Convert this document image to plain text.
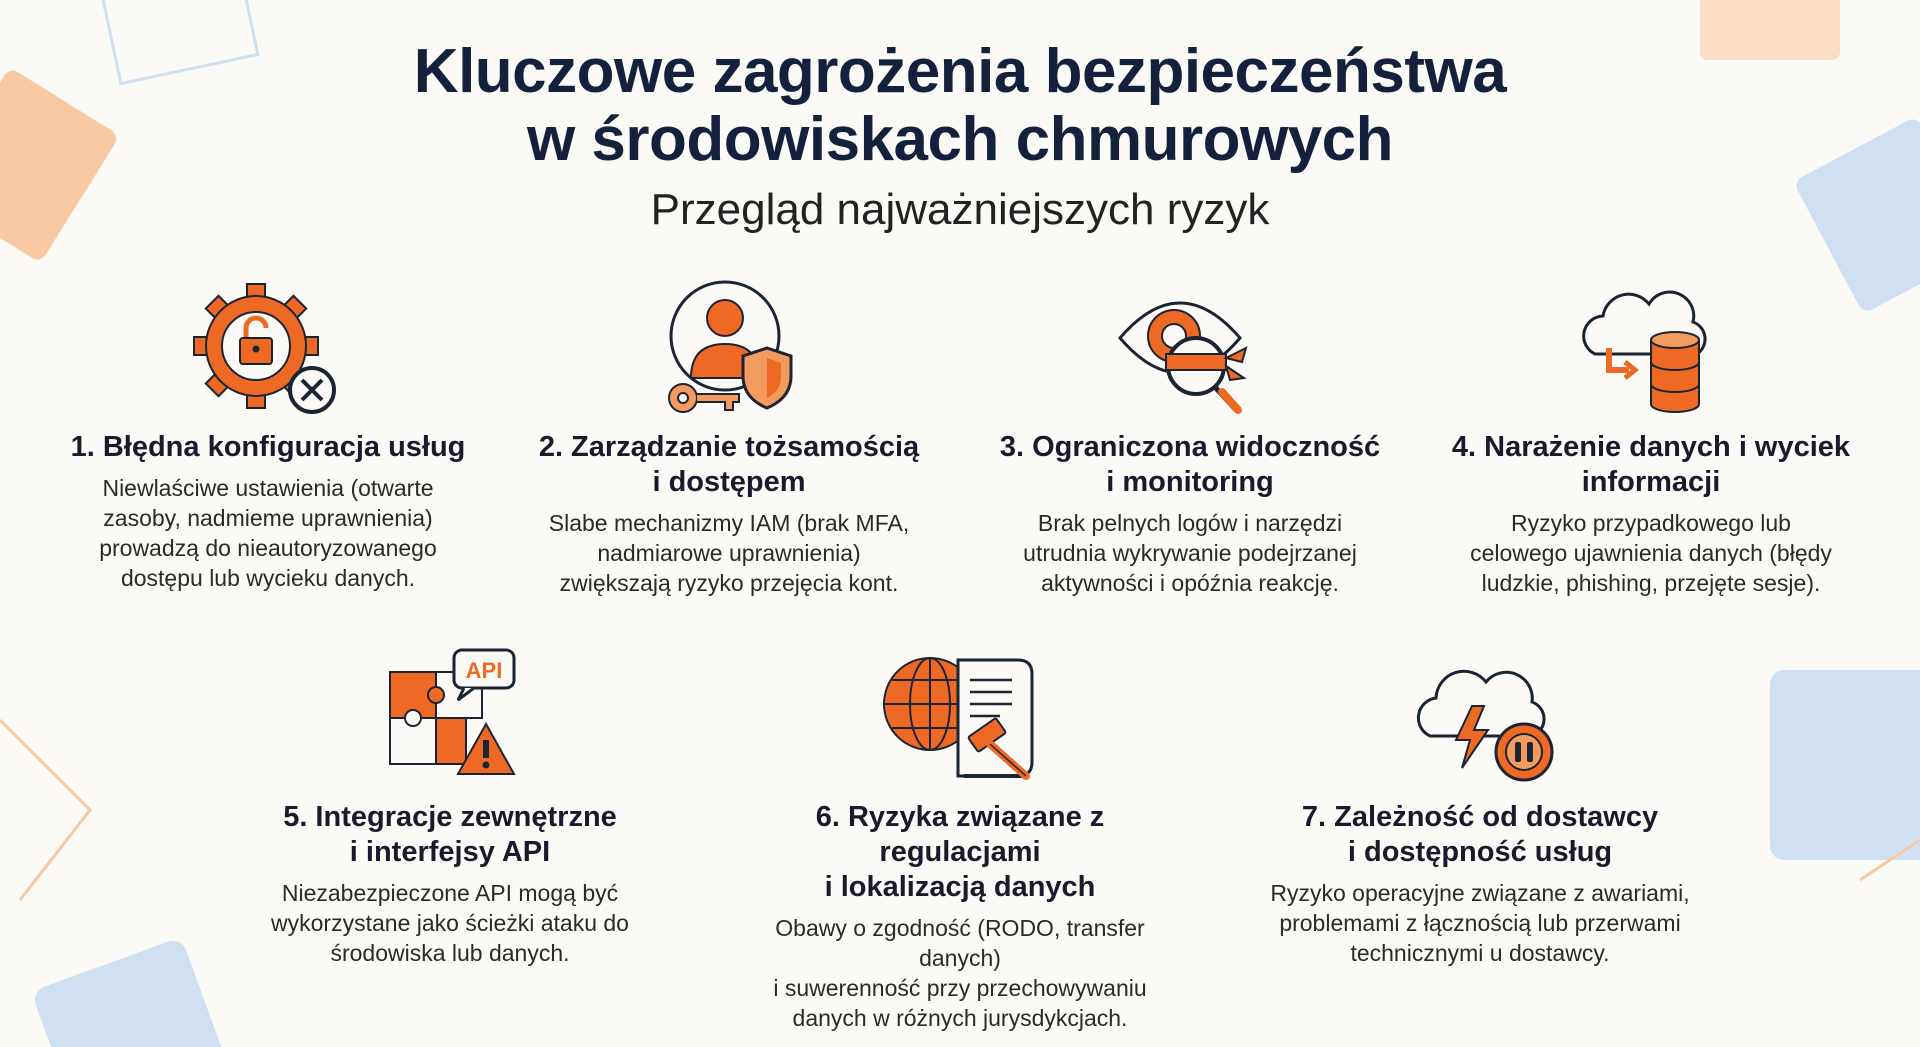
Kluczowe zagrożenia bezpieczeństwa
w środowiskach chmurowych
Przegląd najważniejszych ryzyk
1. Błędna konfiguracja usług
Niewlaściwe ustawienia (otwarte
zasoby, nadmieme uprawnienia)
prowadzą do nieautoryzowanego
dostępu lub wycieku danych.
2. Zarządzanie tożsamością
i dostępem
Slabe mechanizmy IAM (brak MFA,
nadmiarowe uprawnienia)
zwiększają ryzyko przejęcia kont.
3. Ograniczona widoczność
i monitoring
Brak pelnych logów i narzędzi
utrudnia wykrywanie podejrzanej
aktywności i opóźnia reakcję.
4. Narażenie danych i wyciek
informacji
Ryzyko przypadkowego lub
celowego ujawnienia danych (błędy
ludzkie, phishing, przejęte sesje).
API
5. Integracje zewnętrzne
i interfejsy API
Niezabezpieczone API mogą być
wykorzystane jako ścieżki ataku do
środowiska lub danych.
6. Ryzyka związane z regulacjami
i lokalizacją danych
Obawy o zgodność (RODO, transfer danych)
i suwerenność przy przechowywaniu
danych w różnych jurysdykcjach.
7. Zależność od dostawcy
i dostępność usług
Ryzyko operacyjne związane z awariami,
problemami z łącznością lub przerwami
technicznymi u dostawcy.
